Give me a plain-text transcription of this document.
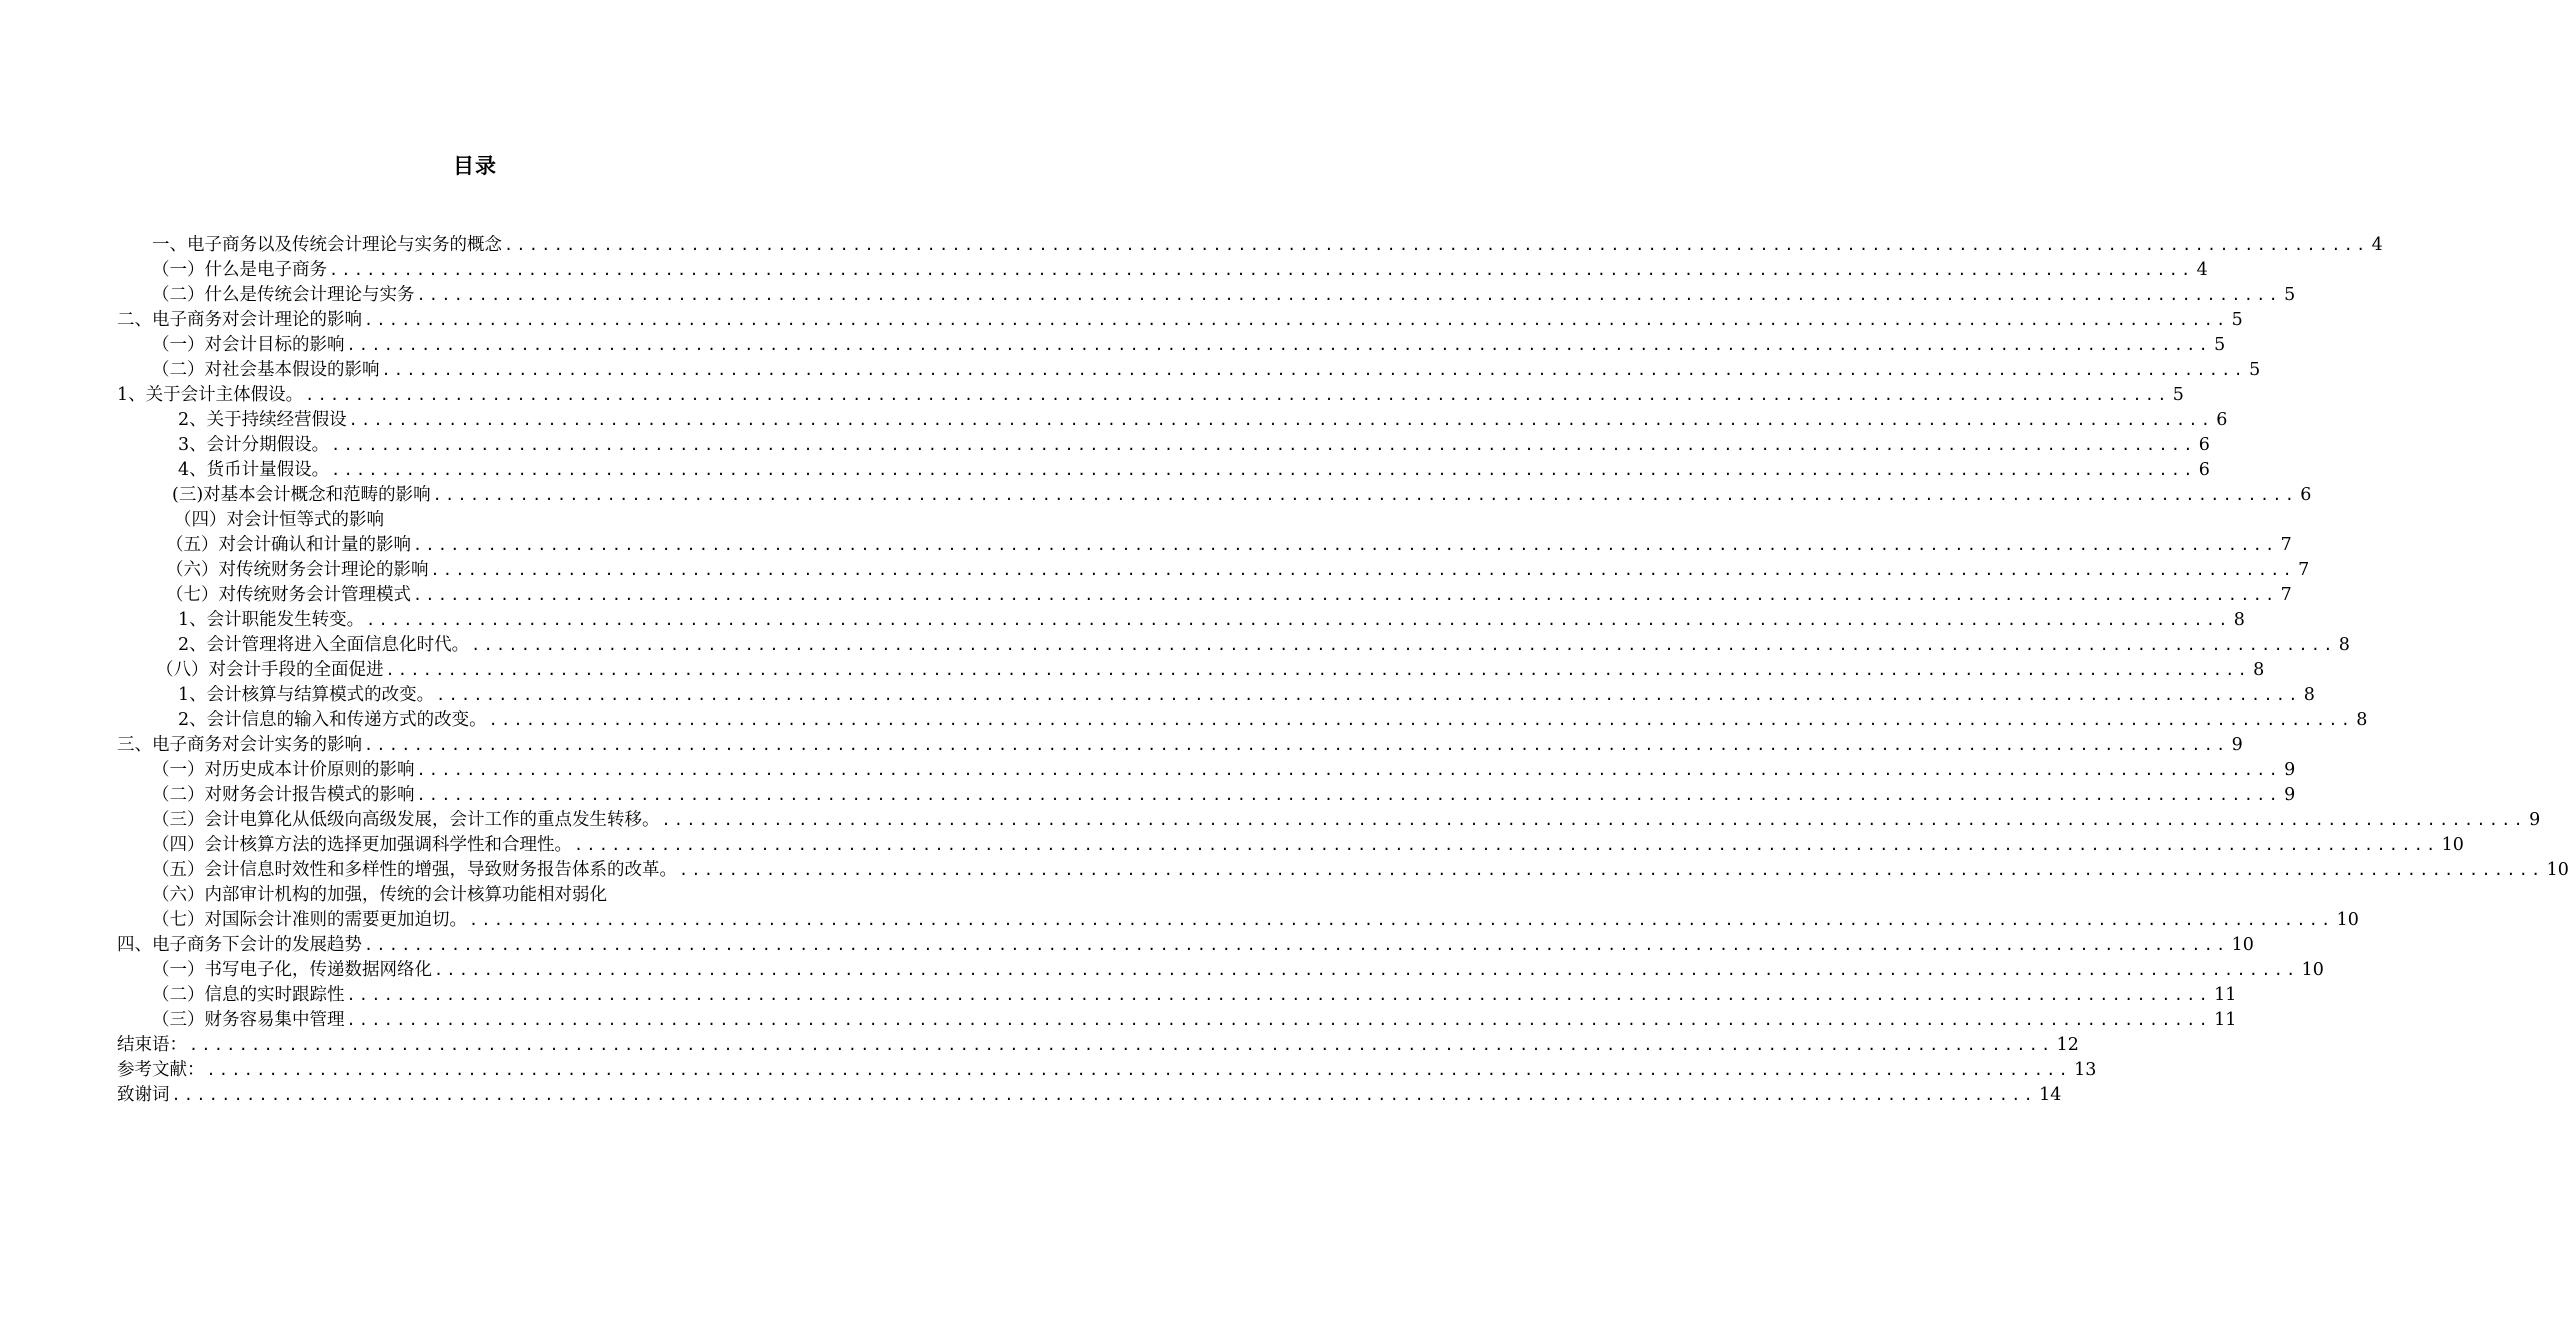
目录
一、电子商务以及传统会计理论与实务的概念 ...................................................................................................................................................... 4
（一）什么是电子商务 ...................................................................................................................................................... 4
（二）什么是传统会计理论与实务 ...................................................................................................................................................... 5
二、电子商务对会计理论的影响 ...................................................................................................................................................... 5
（一）对会计目标的影响 ...................................................................................................................................................... 5
（二）对社会基本假设的影响 ...................................................................................................................................................... 5
1、关于会计主体假设。 ...................................................................................................................................................... 5
2、关于持续经营假设 ...................................................................................................................................................... 6
3、会计分期假设。 ...................................................................................................................................................... 6
4、货币计量假设。 ...................................................................................................................................................... 6
(三)对基本会计概念和范畴的影响 ...................................................................................................................................................... 6
（四）对会计恒等式的影响
（五）对会计确认和计量的影响 ...................................................................................................................................................... 7
（六）对传统财务会计理论的影响 ...................................................................................................................................................... 7
（七）对传统财务会计管理模式 ...................................................................................................................................................... 7
1、会计职能发生转变。 ...................................................................................................................................................... 8
2、会计管理将进入全面信息化时代。 ...................................................................................................................................................... 8
（八）对会计手段的全面促进 ...................................................................................................................................................... 8
1、会计核算与结算模式的改变。 ...................................................................................................................................................... 8
2、会计信息的输入和传递方式的改变。 ...................................................................................................................................................... 8
三、电子商务对会计实务的影响 ...................................................................................................................................................... 9
（一）对历史成本计价原则的影响 ...................................................................................................................................................... 9
（二）对财务会计报告模式的影响 ...................................................................................................................................................... 9
（三）会计电算化从低级向高级发展，会计工作的重点发生转移。 ...................................................................................................................................................... 9
（四）会计核算方法的选择更加强调科学性和合理性。 ...................................................................................................................................................... 10
（五）会计信息时效性和多样性的增强，导致财务报告体系的改革。 ...................................................................................................................................................... 10
（六）内部审计机构的加强，传统的会计核算功能相对弱化
（七）对国际会计准则的需要更加迫切。 ...................................................................................................................................................... 10
四、电子商务下会计的发展趋势 ...................................................................................................................................................... 10
（一）书写电子化，传递数据网络化 ...................................................................................................................................................... 10
（二）信息的实时跟踪性 ...................................................................................................................................................... 11
（三）财务容易集中管理 ...................................................................................................................................................... 11
结束语： ...................................................................................................................................................... 12
参考文献： ...................................................................................................................................................... 13
致谢词 ...................................................................................................................................................... 14
